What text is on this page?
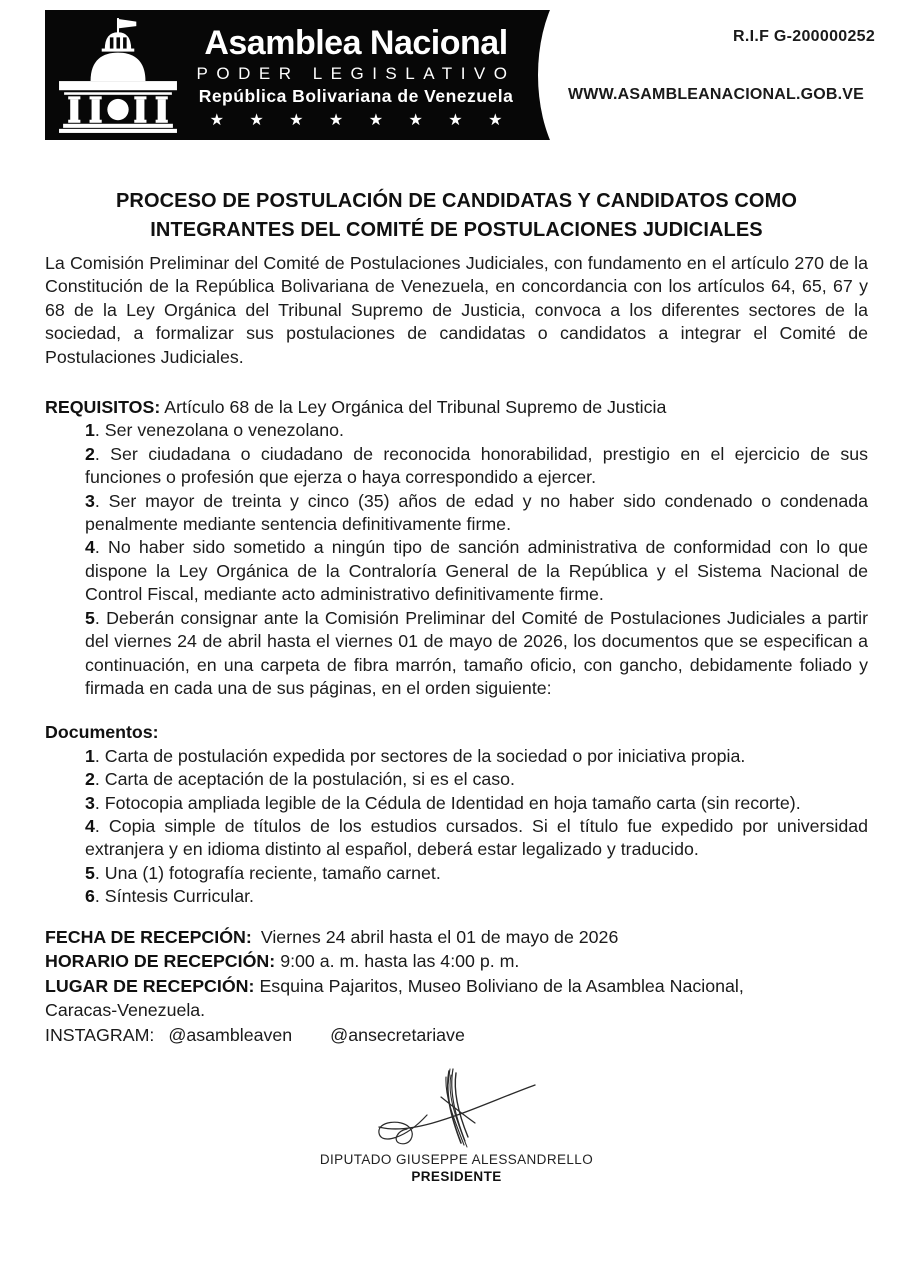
Asamblea Nacional
PODER LEGISLATIVO
República Bolivariana de Venezuela
★ ★ ★ ★ ★ ★ ★ ★
R.I.F G-200000252
WWW.ASAMBLEANACIONAL.GOB.VE
PROCESO DE POSTULACIÓN DE CANDIDATAS Y CANDIDATOS COMO
INTEGRANTES DEL COMITÉ DE POSTULACIONES JUDICIALES
La Comisión Preliminar del Comité de Postulaciones Judiciales, con fundamento en el artículo 270 de la Constitución de la República Bolivariana de Venezuela, en concordancia con los artículos 64, 65, 67 y 68 de la Ley Orgánica del Tribunal Supremo de Justicia, convoca a los diferentes sectores de la sociedad, a formalizar sus postulaciones de candidatas o candidatos a integrar el Comité de Postulaciones Judiciales.
REQUISITOS: Artículo 68 de la Ley Orgánica del Tribunal Supremo de Justicia
1. Ser venezolana o venezolano.
2. Ser ciudadana o ciudadano de reconocida honorabilidad, prestigio en el ejercicio de sus funciones o profesión que ejerza o haya correspondido a ejercer.
3. Ser mayor de treinta y cinco (35) años de edad y no haber sido condenado o condenada penalmente mediante sentencia definitivamente firme.
4. No haber sido sometido a ningún tipo de sanción administrativa de conformidad con lo que dispone la Ley Orgánica de la Contraloría General de la República y el Sistema Nacional de Control Fiscal, mediante acto administrativo definitivamente firme.
5. Deberán consignar ante la Comisión Preliminar del Comité de Postulaciones Judiciales a partir del viernes 24 de abril hasta el viernes 01 de mayo de 2026, los documentos que se especifican a continuación, en una carpeta de fibra marrón, tamaño oficio, con gancho, debidamente foliado y firmada en cada una de sus páginas, en el orden siguiente:
Documentos:
1. Carta de postulación expedida por sectores de la sociedad o por iniciativa propia.
2. Carta de aceptación de la postulación, si es el caso.
3. Fotocopia ampliada legible de la Cédula de Identidad en hoja tamaño carta (sin recorte).
4. Copia simple de títulos de los estudios cursados. Si el título fue expedido por universidad extranjera y en idioma distinto al español, deberá estar legalizado y traducido.
5. Una (1) fotografía reciente, tamaño carnet.
6. Síntesis Curricular.
FECHA DE RECEPCIÓN: Viernes 24 abril hasta el 01 de mayo de 2026
HORARIO DE RECEPCIÓN: 9:00 a. m. hasta las 4:00 p. m.
LUGAR DE RECEPCIÓN: Esquina Pajaritos, Museo Boliviano de la Asamblea Nacional,
Caracas-Venezuela.
INSTAGRAM: @asambleaven @ansecretariave
DIPUTADO GIUSEPPE ALESSANDRELLO
PRESIDENTE
